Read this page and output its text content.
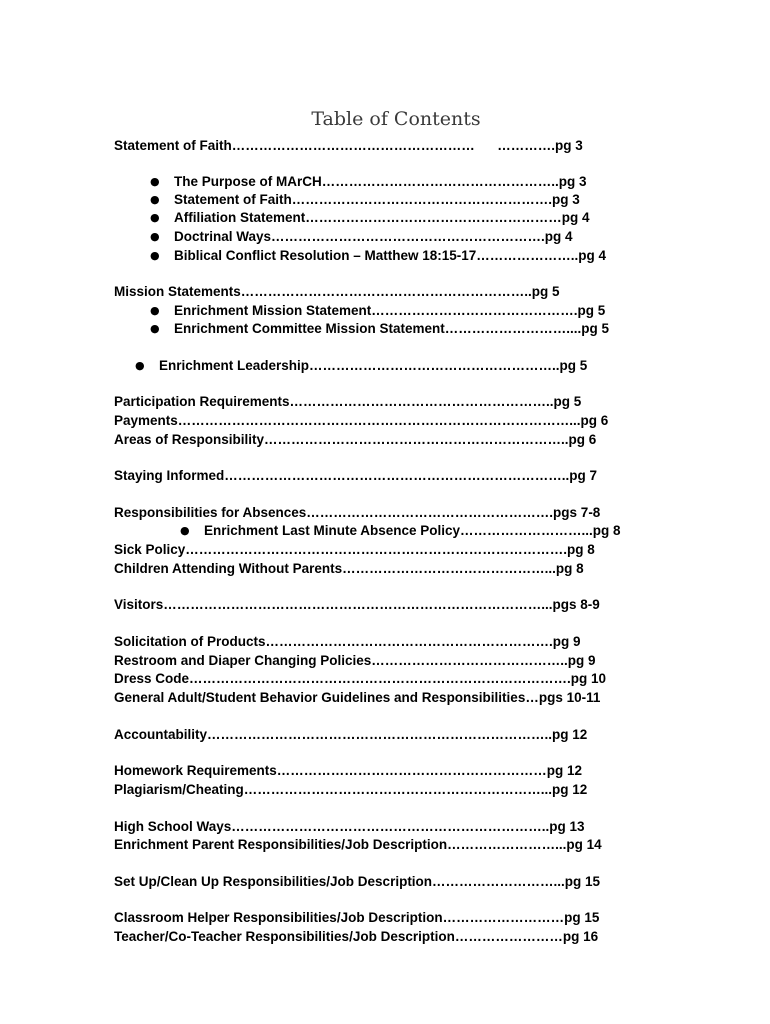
Table of Contents
Statement of Faith………………………………………………      ………….pg 3
● The Purpose of MArCH……………………………………………..pg 3
● Statement of Faith………………………………………………….pg 3
● Affiliation Statement…………………………………………………pg 4
● Doctrinal Ways…………………………………………………….pg 4
● Biblical Conflict Resolution – Matthew 18:15-17…………………..pg 4
Mission Statements………………………………………………………..pg 5
● Enrichment Mission Statement……………………………………….pg 5
● Enrichment Committee Mission Statement………………………....pg 5
● Enrichment Leadership………………………………………………..pg 5
Participation Requirements…………………………………………………..pg 5
Payments……………………………………………………………………………...pg 6
Areas of Responsibility…………………………………………………………..pg 6
Staying Informed…………………………………………………………………..pg 7
Responsibilities for Absences……………………………………………….pgs 7-8
● Enrichment Last Minute Absence Policy………………………...pg 8
Sick Policy………………………………………………………………………….pg 8
Children Attending Without Parents………………………………………...pg 8
Visitors…………………………………………………………………………...pgs 8-9
Solicitation of Products……………………………………………………….pg 9
Restroom and Diaper Changing Policies……………………………………..pg 9
Dress Code………………………………………………………………………….pg 10
General Adult/Student Behavior Guidelines and Responsibilities…pgs 10-11
Accountability…………………………………………………………………..pg 12
Homework Requirements……………………………………………………pg 12
Plagiarism/Cheating…………………………………………………………...pg 12
High School Ways……………………………………………………………..pg 13
Enrichment Parent Responsibilities/Job Description……………………...pg 14
Set Up/Clean Up Responsibilities/Job Description………………………...pg 15
Classroom Helper Responsibilities/Job Description………………………pg 15
Teacher/Co-Teacher Responsibilities/Job Description……………………pg 16
